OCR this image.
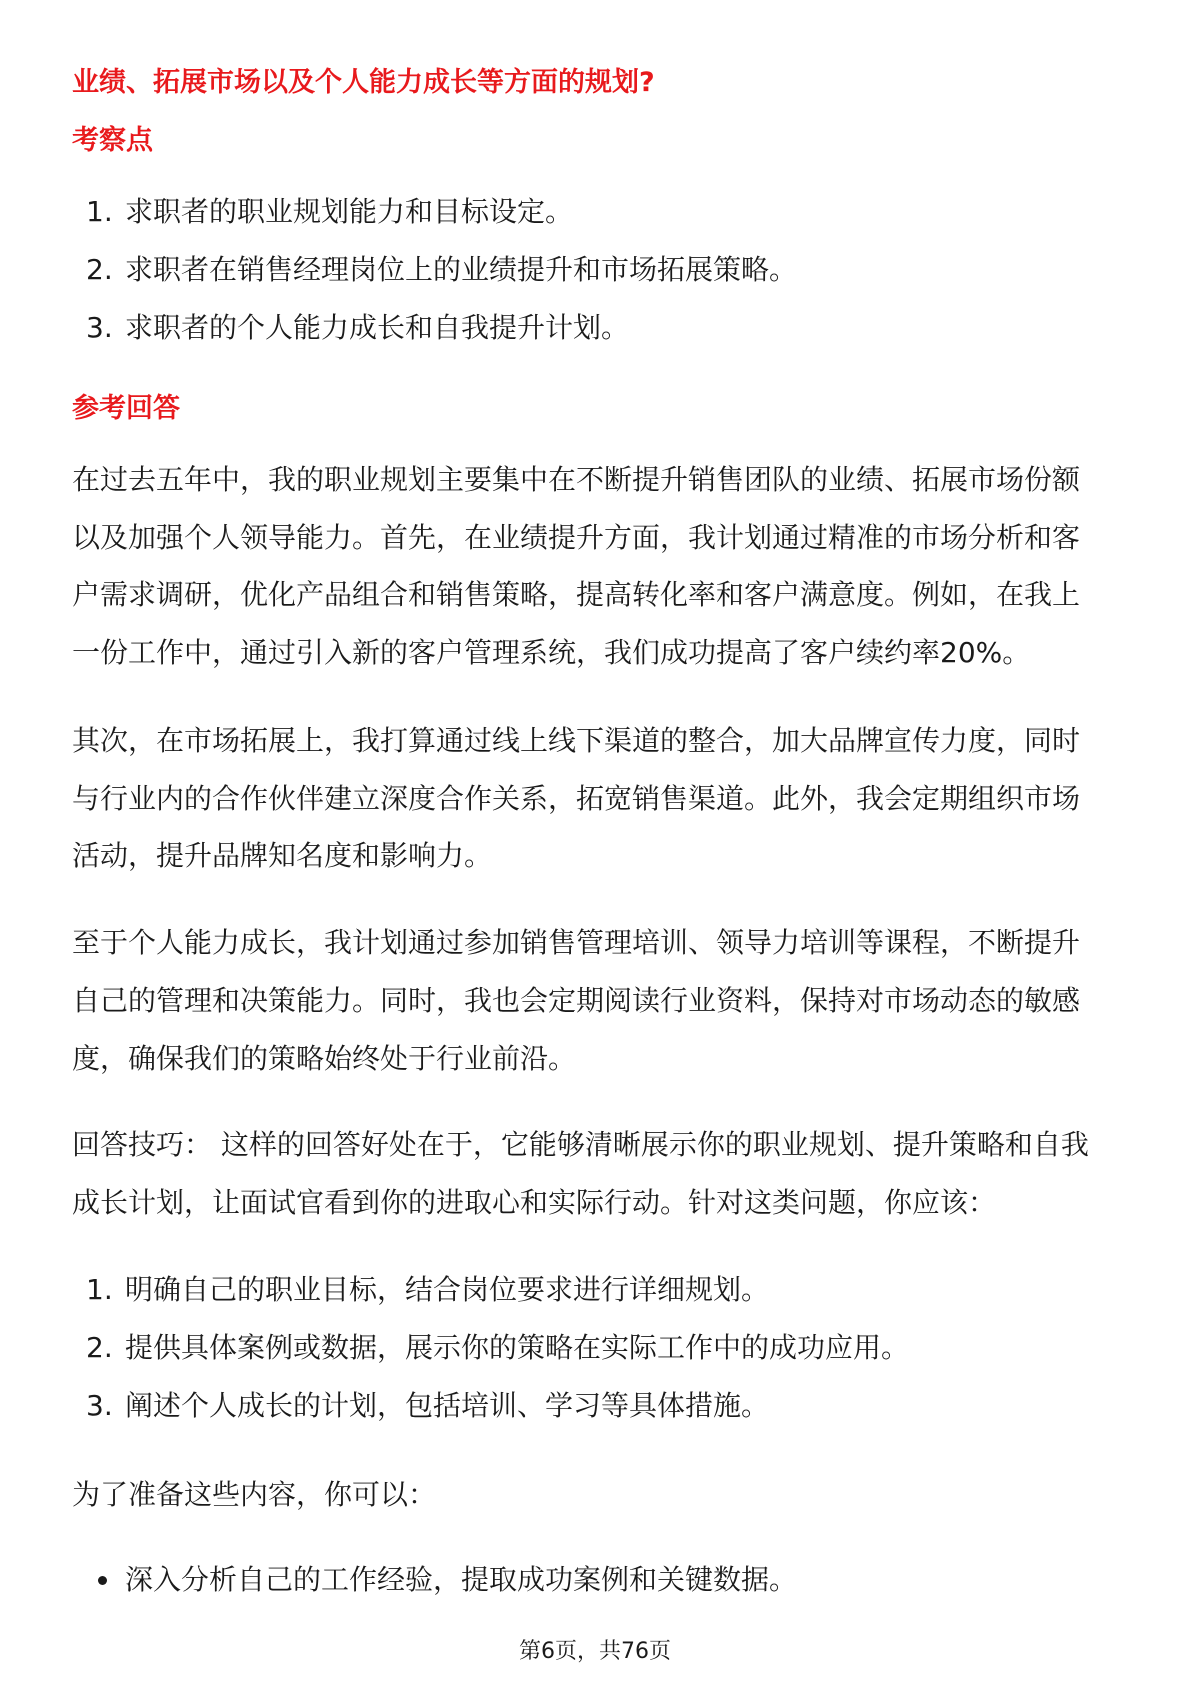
业绩、拓展市场以及个人能力成长等方面的规划?
考察点
1. 求职者的职业规划能力和目标设定。
2. 求职者在销售经理岗位上的业绩提升和市场拓展策略。
3. 求职者的个人能力成长和自我提升计划。
参考回答
在过去五年中，我的职业规划主要集中在不断提升销售团队的业绩、拓展市场份额
以及加强个人领导能力。首先，在业绩提升方面，我计划通过精准的市场分析和客
户需求调研，优化产品组合和销售策略，提高转化率和客户满意度。例如，在我上
一份工作中，通过引入新的客户管理系统，我们成功提高了客户续约率20%。
其次，在市场拓展上，我打算通过线上线下渠道的整合，加大品牌宣传力度，同时
与行业内的合作伙伴建立深度合作关系，拓宽销售渠道。此外，我会定期组织市场
活动，提升品牌知名度和影响力。
至于个人能力成长，我计划通过参加销售管理培训、领导力培训等课程，不断提升
自己的管理和决策能力。同时，我也会定期阅读行业资料，保持对市场动态的敏感
度，确保我们的策略始终处于行业前沿。
回答技巧： 这样的回答好处在于，它能够清晰展示你的职业规划、提升策略和自我
成长计划，让面试官看到你的进取心和实际行动。针对这类问题，你应该：
1. 明确自己的职业目标，结合岗位要求进行详细规划。
2. 提供具体案例或数据，展示你的策略在实际工作中的成功应用。
3. 阐述个人成长的计划，包括培训、学习等具体措施。
为了准备这些内容，你可以：
深入分析自己的工作经验，提取成功案例和关键数据。
第6页，共76页
